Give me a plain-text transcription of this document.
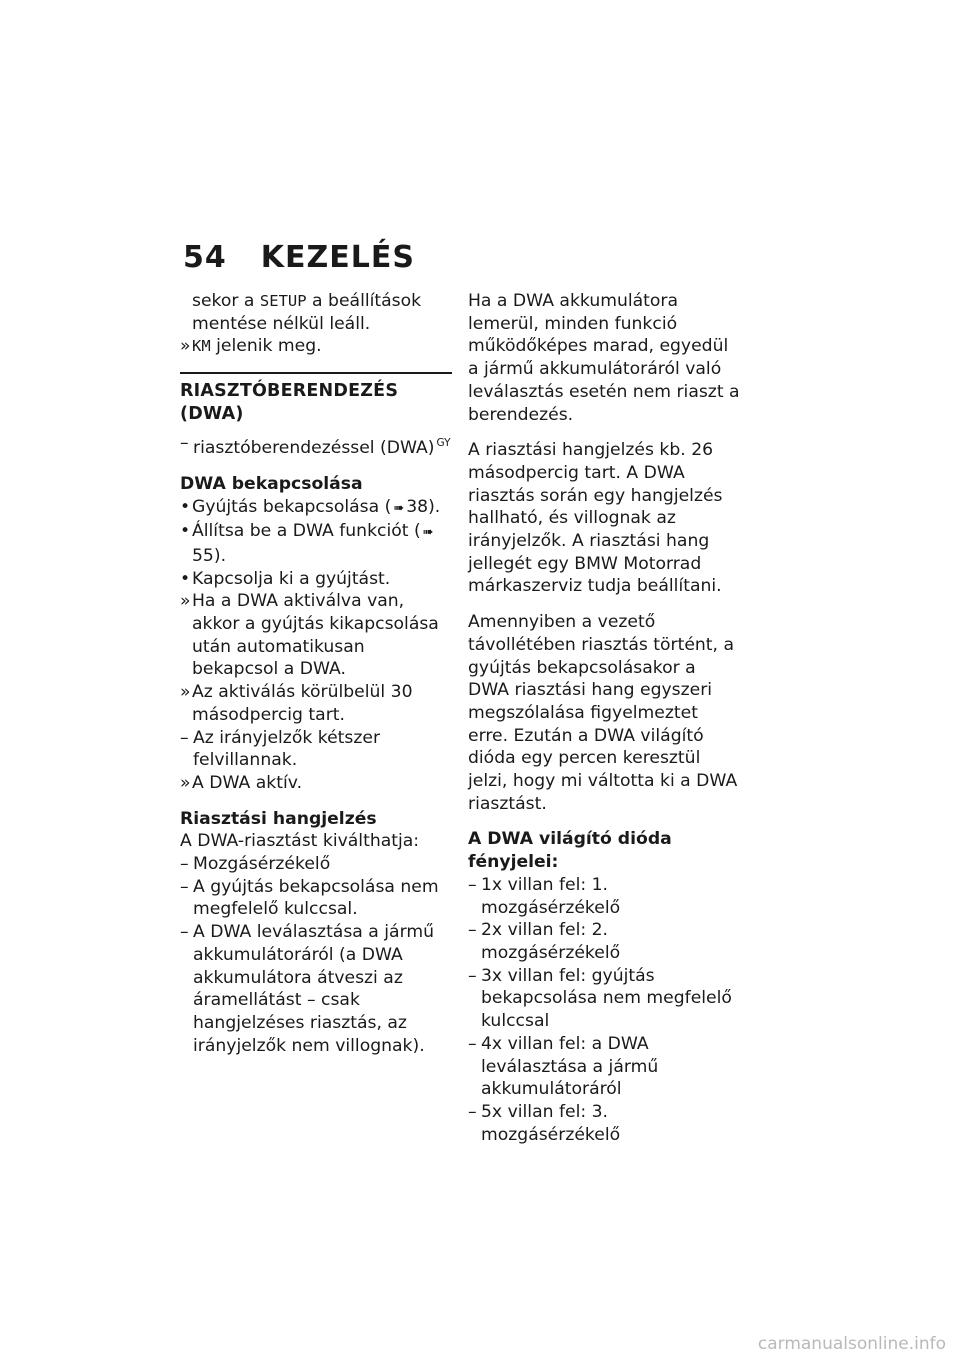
54 KEZELÉS

sekor a SETUP a beállítások
mentése nélkül leáll.

» KM jelenik meg.

RIASZTÓBERENDEZÉS
(DWA)

– riasztóberendezéssel (DWA) $^{GY}$

DWA bekapcsolása

• Gyújtás bekapcsolása ( ➠ 38).

• Állítsa be a DWA funkciót ( ➠55).

• Kapcsolja ki a gyújtást.

» Ha a DWA aktiválva van, akkor a gyújtás kikapcsolása után automatikusan bekapcsol a DWA.

» Az aktiválás körülbelül 30 másodpercig tart.

– Az irányjelzők kétszer felvillannak.

» A DWA aktív.

Riasztási hangjelzés

A DWA-riasztást kiválthatja:

– Mozgásérzékelő

– A gyújtás bekapcsolása nem megfelelő kulccsal.

– A DWA leválasztása a jármű akkumulátoráról (a DWA akkumulátora átveszi az áramellátást – csak hangjelzéses riasztás, az irányjelzők nem villognak).

Ha a DWA akkumulátora lemerül, minden funkció működőképes marad, egyedül a jármű akkumulátoráról való leválasztás esetén nem riaszt a berendezés.

A riasztási hangjelzés kb. 26 másodpercig tart. A DWA riasztás során egy hangjelzés hallható, és villognak az irányjelzők. A riasztási hang jellegét egy BMW Motorrad márkaszerviz tudja beállítani.

Amennyiben a vezető távollétében riasztás történt, a gyújtás bekapcsolásakor a DWA riasztási hang egyszeri megszólalása figyelmeztet erre. Ezután a DWA világító dióda egy percen keresztül jelzi, hogy mi váltotta ki a DWA riasztást.

A DWA világító dióda fényjelei:

– 1x villan fel: 1. mozgásérzékelő

– 2x villan fel: 2. mozgásérzékelő

– 3x villan fel: gyújtás bekapcsolása nem megfelelő kulccsal

– 4x villan fel: a DWA leválasztása a jármű akkumulátoráról

– 5x villan fel: 3. mozgásérzékelő

carmanualsonline.info
